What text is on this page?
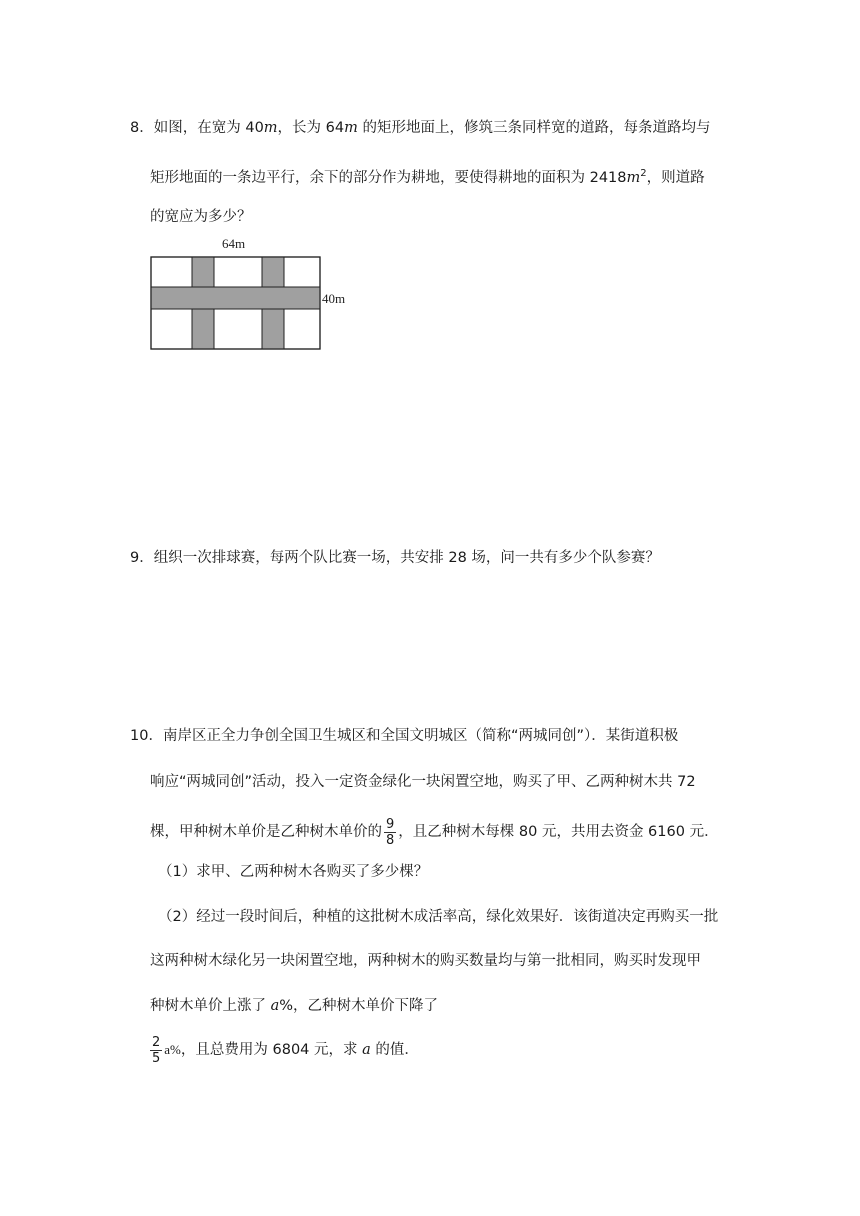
8．如图，在宽为 40m，长为 64m 的矩形地面上，修筑三条同样宽的道路，每条道路均与
矩形地面的一条边平行，余下的部分作为耕地，要使得耕地的面积为 $2418m^2$，则道路
的宽应为多少？
64m
40m
9．组织一次排球赛，每两个队比赛一场，共安排 28 场，问一共有多少个队参赛？
10．南岸区正全力争创全国卫生城区和全国文明城区（简称“两城同创”）．某街道积极
响应“两城同创”活动，投入一定资金绿化一块闲置空地，购买了甲、乙两种树木共 72
棵，甲种树木单价是乙种树木单价的 $\frac{9}{8}$ ，且乙种树木每棵 80 元，共用去资金 6160 元．
（1）求甲、乙两种树木各购买了多少棵？
（2）经过一段时间后，种植的这批树木成活率高，绿化效果好．该街道决定再购买一批
这两种树木绿化另一块闲置空地，两种树木的购买数量均与第一批相同，购买时发现甲
种树木单价上涨了 a%，乙种树木单价下降了
$\frac{2}{5} a\%$，且总费用为 6804 元，求 a 的值．
